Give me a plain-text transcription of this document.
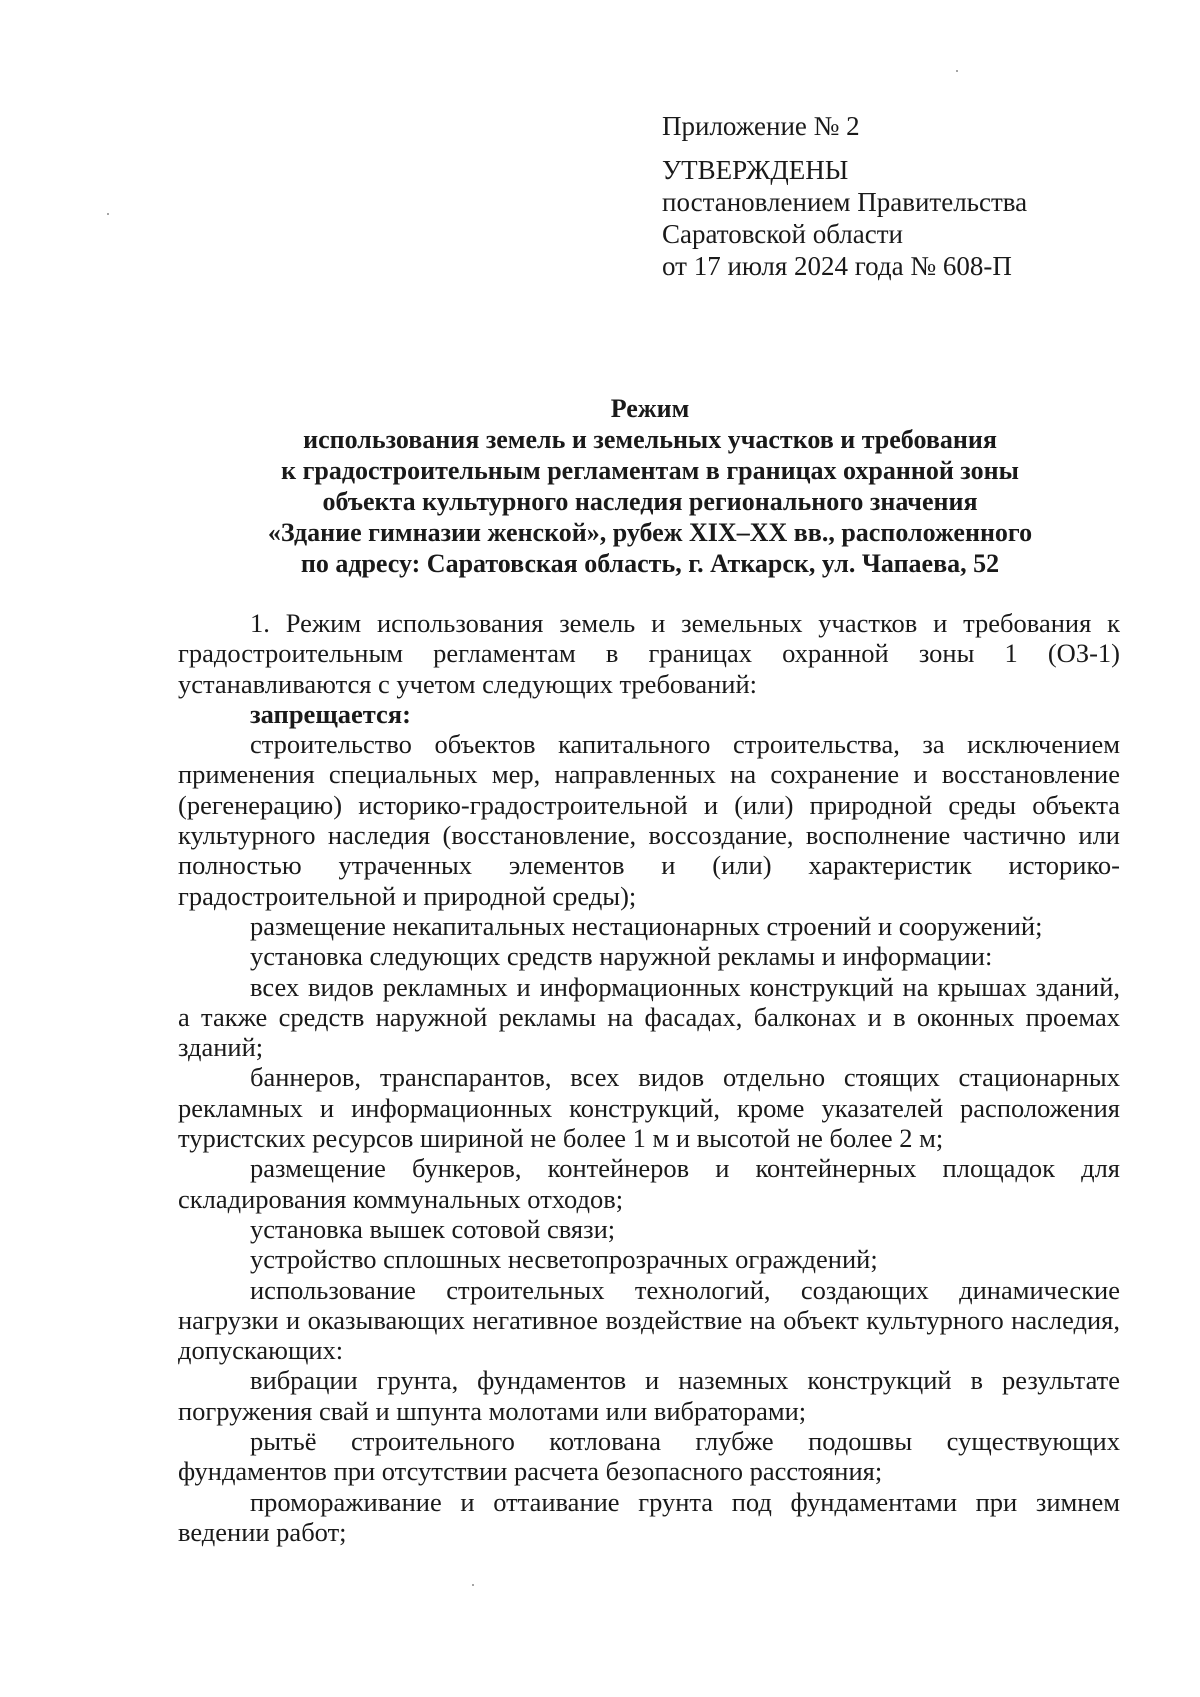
Приложение № 2
УТВЕРЖДЕНЫ
постановлением Правительства
Саратовской области
от 17 июля 2024 года № 608-П
Режим
использования земель и земельных участков и требования
к градостроительным регламентам в границах охранной зоны
объекта культурного наследия регионального значения
«Здание гимназии женской», рубеж XIX–XX вв., расположенного
по адресу: Саратовская область, г. Аткарск, ул. Чапаева, 52

1. Режим использования земель и земельных участков и требования к градостроительным регламентам в границах охранной зоны 1 (ОЗ-1) устанавливаются с учетом следующих требований:

запрещается:

строительство объектов капитального строительства, за исключением применения специальных мер, направленных на сохранение и восстановление (регенерацию) историко-градостроительной и (или) природной среды объекта культурного наследия (восстановление, воссоздание, восполнение частично или полностью утраченных элементов и (или) характеристик историко-градостроительной и природной среды);

размещение некапитальных нестационарных строений и сооружений;

установка следующих средств наружной рекламы и информации:

всех видов рекламных и информационных конструкций на крышах зданий, а также средств наружной рекламы на фасадах, балконах и в оконных проемах зданий;

баннеров, транспарантов, всех видов отдельно стоящих стационарных рекламных и информационных конструкций, кроме указателей расположения туристских ресурсов шириной не более 1 м и высотой не более 2 м;

размещение бункеров, контейнеров и контейнерных площадок для складирования коммунальных отходов;

установка вышек сотовой связи;

устройство сплошных несветопрозрачных ограждений;

использование строительных технологий, создающих динамические нагрузки и оказывающих негативное воздействие на объект культурного наследия, допускающих:

вибрации грунта, фундаментов и наземных конструкций в результате погружения свай и шпунта молотами или вибраторами;

рытьё строительного котлована глубже подошвы существующих фундаментов при отсутствии расчета безопасного расстояния;

промораживание и оттаивание грунта под фундаментами при зимнем ведении работ;
